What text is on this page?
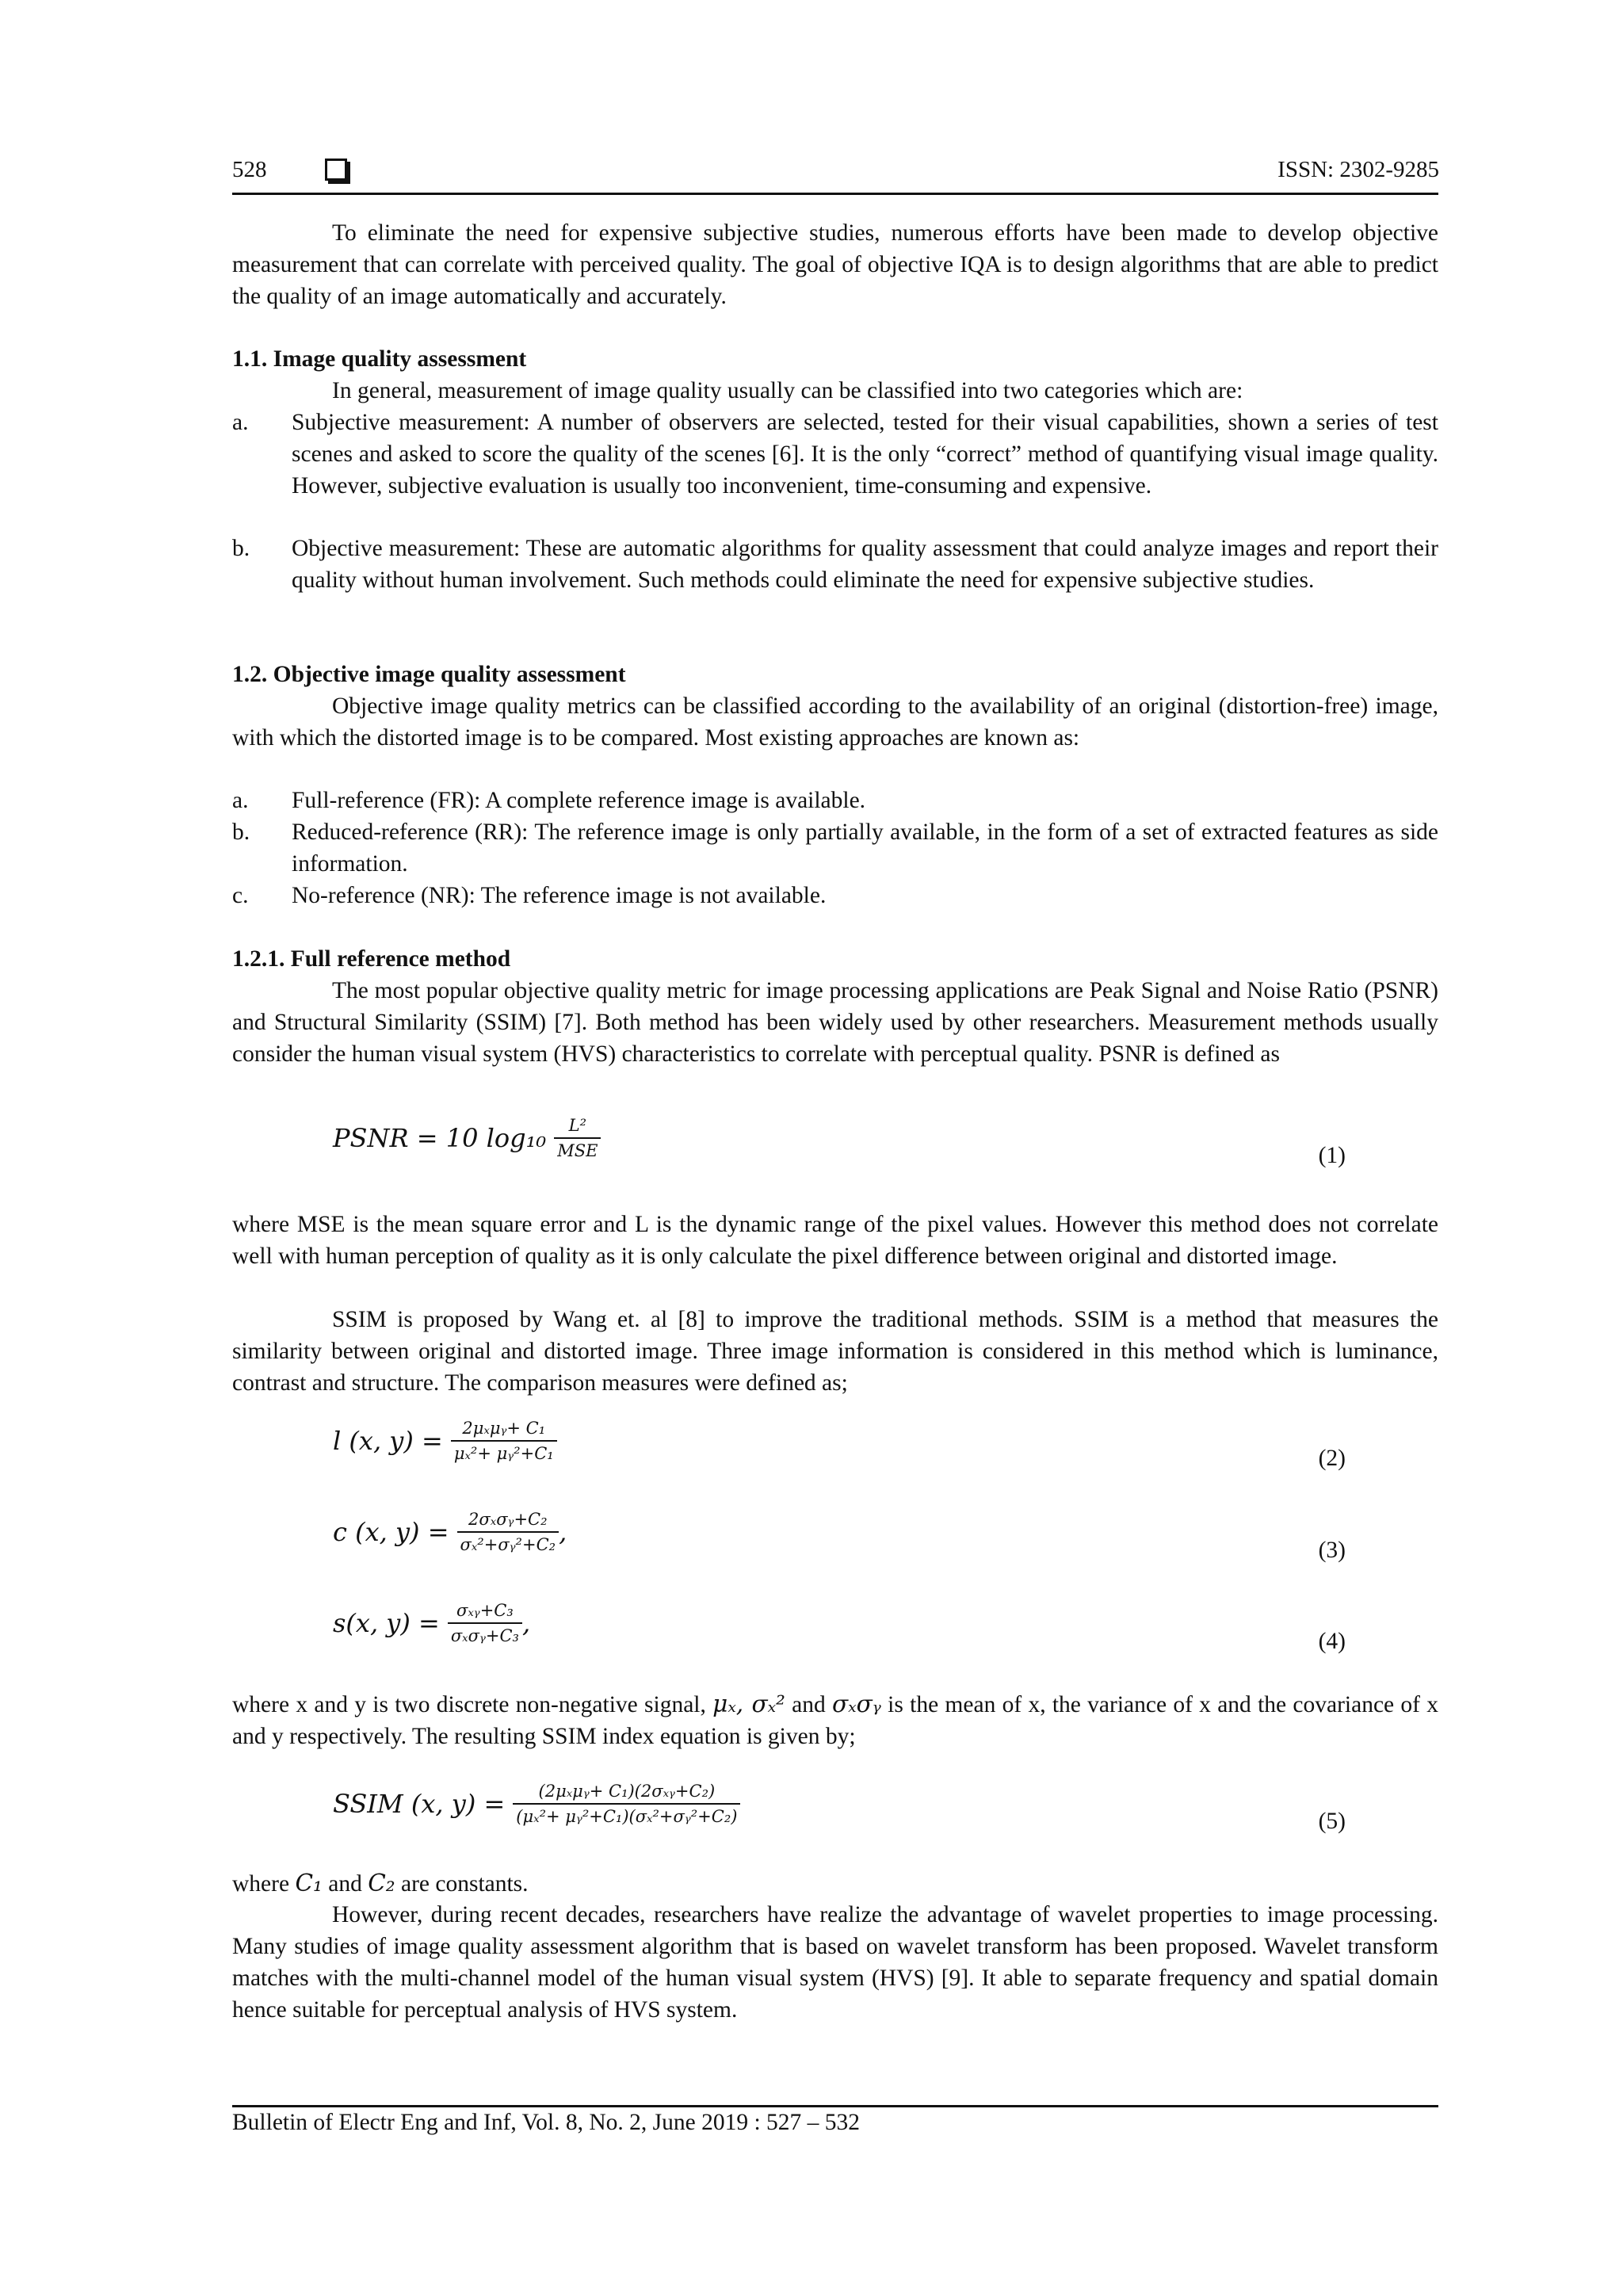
528	ISSN: 2302-9285

To eliminate the need for expensive subjective studies, numerous efforts have been made to develop objective measurement that can correlate with perceived quality. The goal of objective IQA is to design algorithms that are able to predict the quality of an image automatically and accurately.

1.1. Image quality assessment

In general, measurement of image quality usually can be classified into two categories which are:

a. Subjective measurement: A number of observers are selected, tested for their visual capabilities, shown a series of test scenes and asked to score the quality of the scenes [6]. It is the only “correct” method of quantifying visual image quality. However, subjective evaluation is usually too inconvenient, time-consuming and expensive.
b. Objective measurement: These are automatic algorithms for quality assessment that could analyze images and report their quality without human involvement. Such methods could eliminate the need for expensive subjective studies.

1.2. Objective image quality assessment

Objective image quality metrics can be classified according to the availability of an original (distortion-free) image, with which the distorted image is to be compared. Most existing approaches are known as:

a. Full-reference (FR): A complete reference image is available.
b. Reduced-reference (RR): The reference image is only partially available, in the form of a set of extracted features as side information.
c. No-reference (NR): The reference image is not available.

1.2.1. Full reference method

The most popular objective quality metric for image processing applications are Peak Signal and Noise Ratio (PSNR) and Structural Similarity (SSIM) [7]. Both method has been widely used by other researchers. Measurement methods usually consider the human visual system (HVS) characteristics to correlate with perceptual quality. PSNR is defined as

PSNR = 10 $\log_{10} \frac{\text{L²}}{\text{MSE}}$	(1)

where MSE is the mean square error and L is the dynamic range of the pixel values. However this method does not correlate well with human perception of quality as it is only calculate the pixel difference between original and distorted image.

SSIM is proposed by Wang et. al [8] to improve the traditional methods. SSIM is a method that measures the similarity between original and distorted image. Three image information is considered in this method which is luminance, contrast and structure. The comparison measures were defined as;

l (x, $y) = \frac{\text{2μₓμᵧ+ C₁}}{\text{μₓ²+ μᵧ²+C₁}}$	(2)
c (x, $y) = \frac{\text{2σₓσᵧ+C₂}}{\text{σₓ²+σᵧ²+C₂}}$ ,
(3)
s(x, $y) = \frac{\text{σₓᵧ+C₃}}{\text{σₓσᵧ+C₃}}$ ,
(4)

where x and y is two discrete non-negative signal, μₓ, σₓ² and σₓσᵧ is the mean of x, the variance of x and the covariance of x and y respectively. The resulting SSIM index equation is given by;

SSIM (x, $y) = \frac{\text{(2μₓμᵧ+ C₁)(2σₓᵧ+C₂)}}{\text{(μₓ²+ μᵧ²+C₁)(σₓ²+σᵧ²+C₂)}}$	(5)

where C₁ and C₂ are constants.

However, during recent decades, researchers have realize the advantage of wavelet properties to image processing. Many studies of image quality assessment algorithm that is based on wavelet transform has been proposed. Wavelet transform matches with the multi-channel model of the human visual system (HVS) [9]. It able to separate frequency and spatial domain hence suitable for perceptual analysis of HVS system.

Bulletin of Electr Eng and Inf, Vol. 8, No. 2, June 2019 : 527 – 532
